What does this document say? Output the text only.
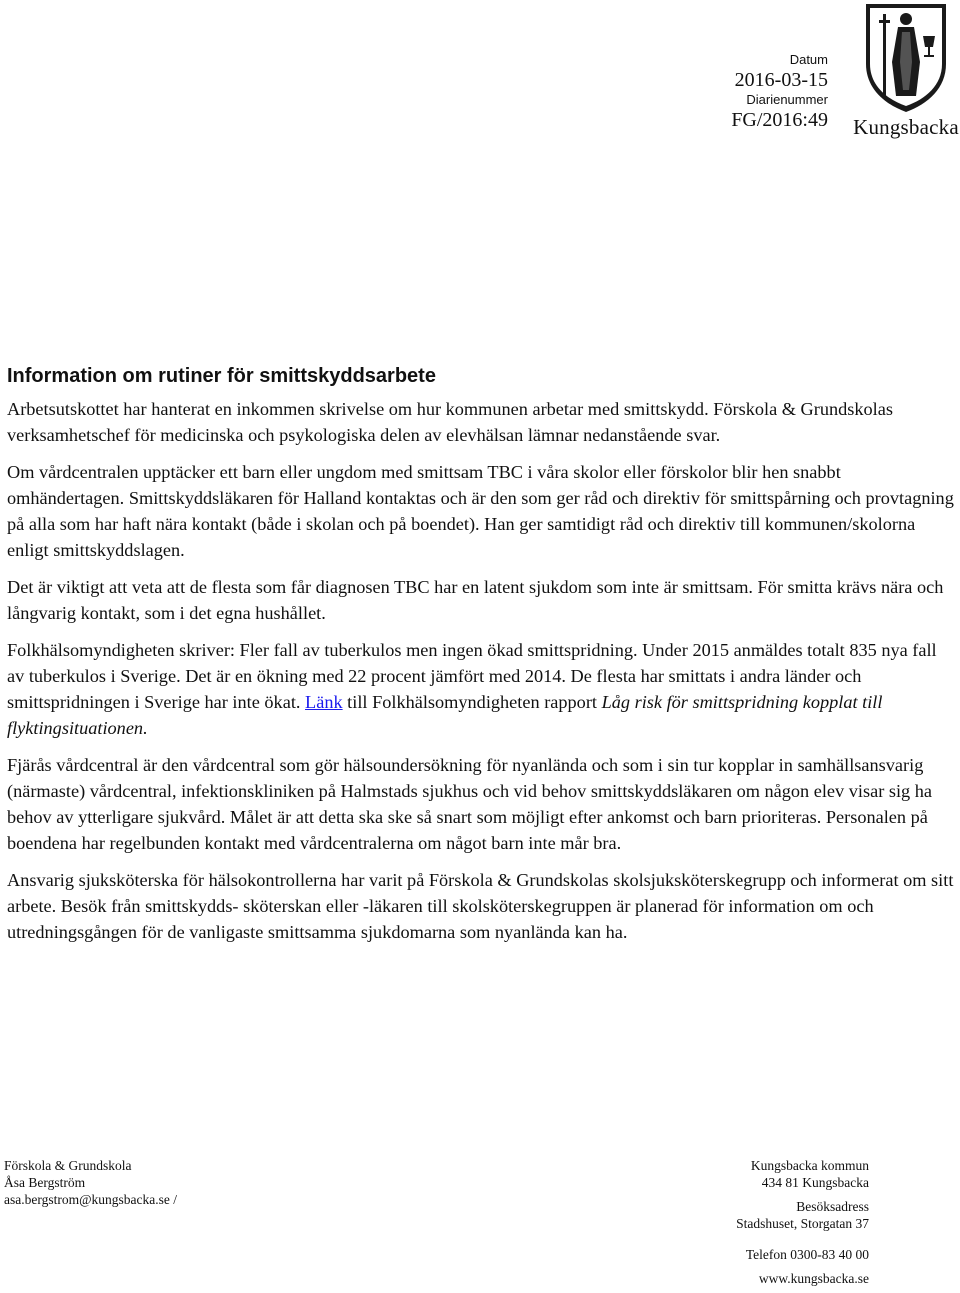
Datum
2016-03-15
Diarienummer
FG/2016:49 Kungsbacka
Information om rutiner för smittskyddsarbete

Arbetsutskottet har hanterat en inkommen skrivelse om hur kommunen arbetar med smittskydd. Förskola & Grundskolas verksamhetschef för medicinska och psykologiska delen av elevhälsan lämnar nedanstående svar.

Om vårdcentralen upptäcker ett barn eller ungdom med smittsam TBC i våra skolor eller förskolor blir hen snabbt omhändertagen. Smittskyddsläkaren för Halland kontaktas och är den som ger råd och direktiv för smittspårning och provtagning på alla som har haft nära kontakt (både i skolan och på boendet). Han ger samtidigt råd och direktiv till kommunen/skolorna enligt smittskyddslagen.

Det är viktigt att veta att de flesta som får diagnosen TBC har en latent sjukdom som inte är smittsam. För smitta krävs nära och långvarig kontakt, som i det egna hushållet.

Folkhälsomyndigheten skriver: Fler fall av tuberkulos men ingen ökad smittspridning. Under 2015 anmäldes totalt 835 nya fall av tuberkulos i Sverige. Det är en ökning med 22 procent jämfört med 2014. De flesta har smittats i andra länder och smittspridningen i Sverige har inte ökat. Länk till Folkhälsomyndigheten rapport Låg risk för smittspridning kopplat till flyktingsituationen.

Fjärås vårdcentral är den vårdcentral som gör hälsoundersökning för nyanlända och som i sin tur kopplar in samhällsansvarig (närmaste) vårdcentral, infektionskliniken på Halmstads sjukhus och vid behov smittskyddsläkaren om någon elev visar sig ha behov av ytterligare sjukvård. Målet är att detta ska ske så snart som möjligt efter ankomst och barn prioriteras. Personalen på boendena har regelbunden kontakt med vårdcentralerna om något barn inte mår bra.

Ansvarig sjuksköterska för hälsokontrollerna har varit på Förskola & Grundskolas skolsjuksköterskegrupp och informerat om sitt arbete. Besök från smittskydds- sköterskan eller -läkaren till skolsköterskegruppen är planerad för information om och utredningsgången för de vanligaste smittsamma sjukdomarna som nyanlända kan ha.

Förskola & Grundskola
Åsa Bergström
asa.bergstrom@kungsbacka.se /
Kungsbacka kommun
434 81 Kungsbacka
Besöksadress
Stadshuset, Storgatan 37
Telefon 0300-83 40 00
www.kungsbacka.se
